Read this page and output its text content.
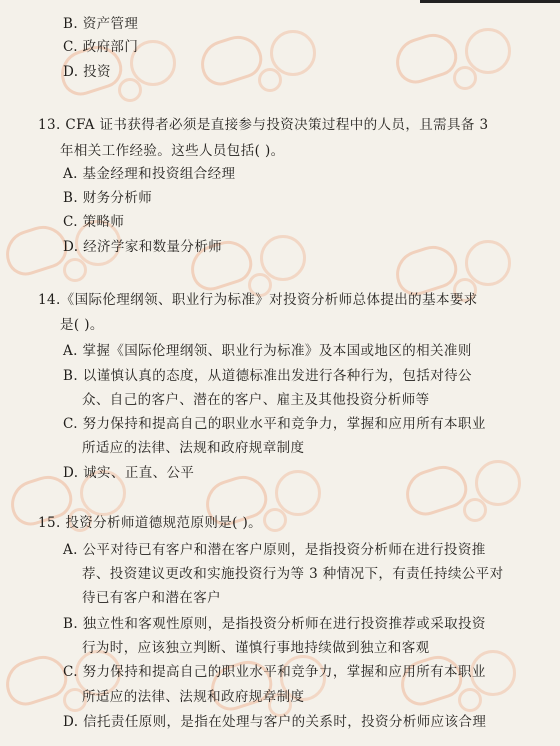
B. 资产管理
C. 政府部门
D. 投资
13. CFA 证书获得者必须是直接参与投资决策过程中的人员，且需具备 3
年相关工作经验。这些人员包括( )。
A. 基金经理和投资组合经理
B. 财务分析师
C. 策略师
D. 经济学家和数量分析师
14.《国际伦理纲领、职业行为标准》对投资分析师总体提出的基本要求
是( )。
A. 掌握《国际伦理纲领、职业行为标准》及本国或地区的相关准则
B. 以谨慎认真的态度，从道德标准出发进行各种行为，包括对待公
众、自己的客户、潜在的客户、雇主及其他投资分析师等
C. 努力保持和提高自己的职业水平和竞争力，掌握和应用所有本职业
所适应的法律、法规和政府规章制度
D. 诚实、正直、公平
15. 投资分析师道德规范原则是( )。
A. 公平对待已有客户和潜在客户原则，是指投资分析师在进行投资推
荐、投资建议更改和实施投资行为等 3 种情况下，有责任持续公平对
待已有客户和潜在客户
B. 独立性和客观性原则，是指投资分析师在进行投资推荐或采取投资
行为时，应该独立判断、谨慎行事地持续做到独立和客观
C. 努力保持和提高自己的职业水平和竞争力，掌握和应用所有本职业
所适应的法律、法规和政府规章制度
D. 信托责任原则，是指在处理与客户的关系时，投资分析师应该合理
